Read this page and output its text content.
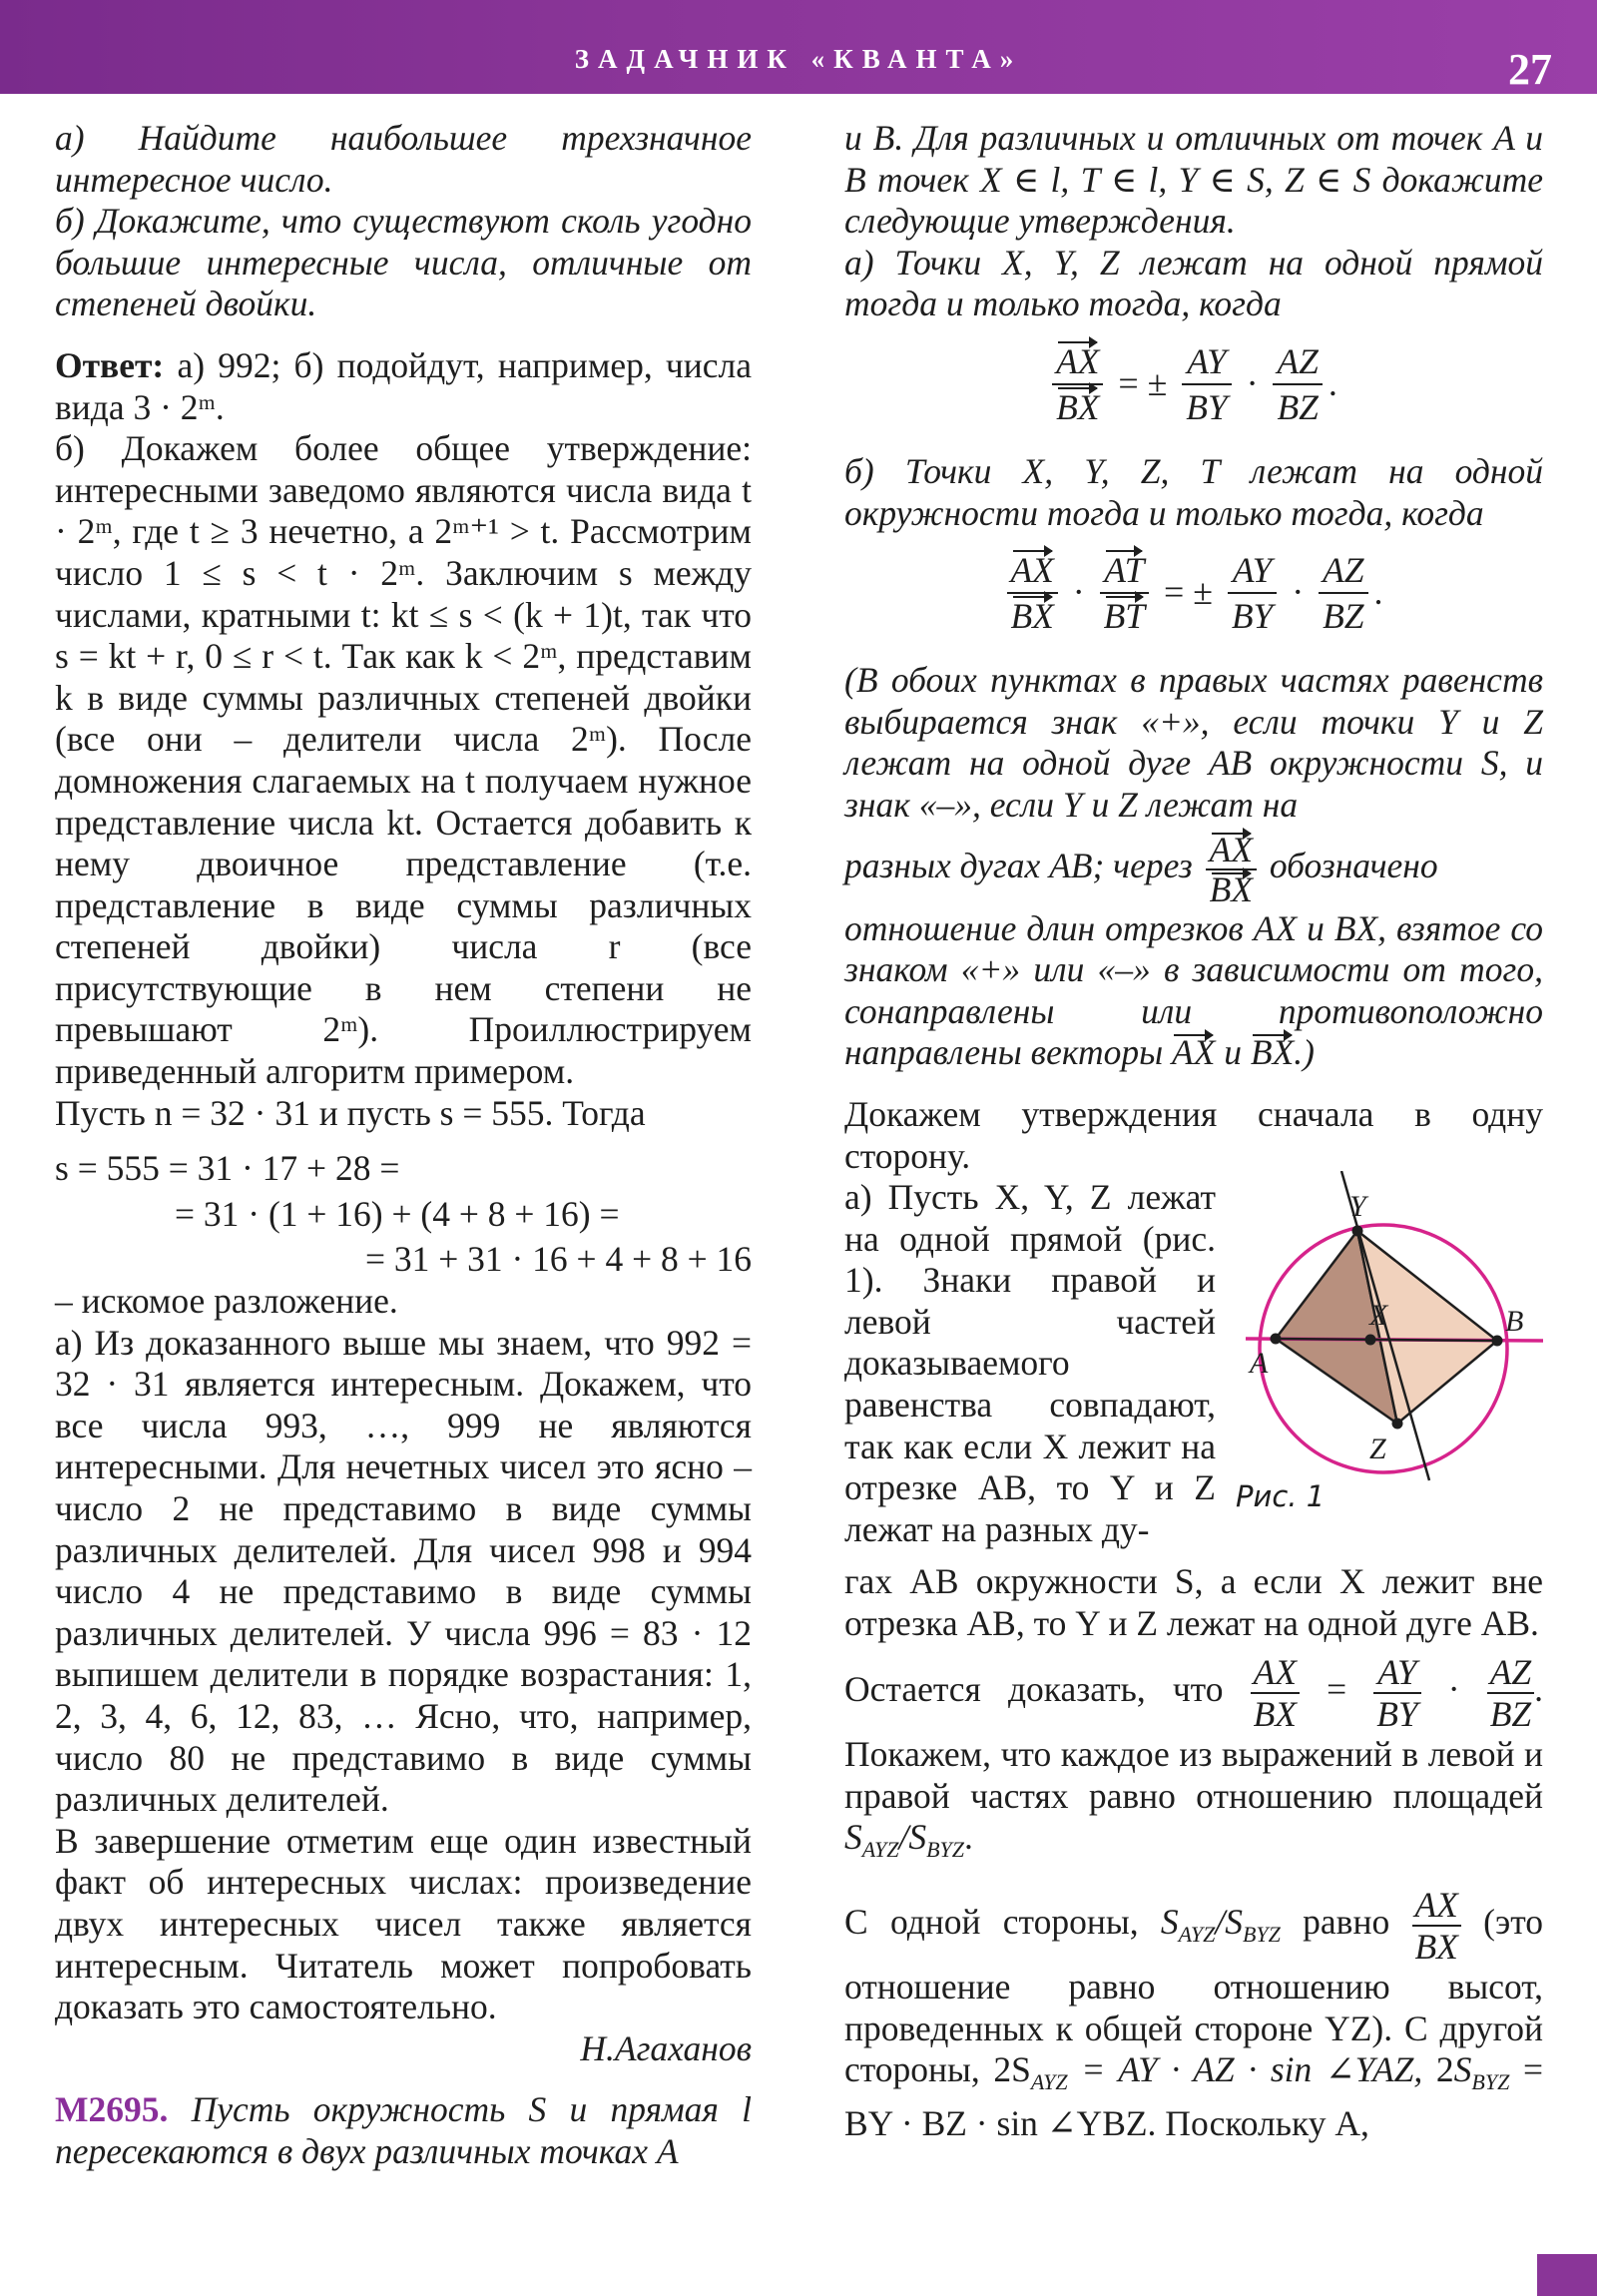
ЗАДАЧНИК «КВАНТА»	27

а) Найдите наибольшее трехзначное интересное число.

б) Докажите, что существуют сколь угодно большие интересные числа, отличные от степеней двойки.

Ответ: а) 992; б) подойдут, например, числа вида 3 · 2ᵐ.

б) Докажем более общее утверждение: интересными заведомо являются числа вида t · 2ᵐ, где t ≥ 3 нечетно, а 2ᵐ⁺¹ > t. Рассмотрим число 1 ≤ s < t · 2ᵐ. Заключим s между числами, кратными t: kt ≤ s < (k + 1)t, так что s = kt + r, 0 ≤ r < t. Так как k < 2ᵐ, представим k в виде суммы различных степеней двойки (все они – делители числа 2ᵐ). После домножения слагаемых на t получаем нужное представление числа kt. Остается добавить к нему двоичное представление (т.е. представление в виде суммы различных степеней двойки) числа r (все присутствующие в нем степени не превышают 2ᵐ). Проиллюстрируем приведенный алгоритм примером.

Пусть n = 32 · 31 и пусть s = 555. Тогда

s = 555 = 31 · 17 + 28 =

= 31 · (1 + 16) + (4 + 8 + 16) =

= 31 + 31 · 16 + 4 + 8 + 16

– искомое разложение.

а) Из доказанного выше мы знаем, что 992 = 32 · 31 является интересным. Докажем, что все числа 993, …, 999 не являются интересными. Для нечетных чисел это ясно – число 2 не представимо в виде суммы различных делителей. Для чисел 998 и 994 число 4 не представимо в виде суммы различных делителей. У числа 996 = 83 · 12 выпишем делители в порядке возрастания: 1, 2, 3, 4, 6, 12, 83, … Ясно, что, например, число 80 не представимо в виде суммы различных делителей.

В завершение отметим еще один известный факт об интересных числах: произведение двух интересных чисел также является интересным. Читатель может попробовать доказать это самостоятельно.

Н.Агаханов

М2695. Пусть окружность S и прямая l пересекаются в двух различных точках A

и B. Для различных и отличных от точек A и B точек X ∈ l, T ∈ l, Y ∈ S, Z ∈ S докажите следующие утверждения.

а) Точки X, Y, Z лежат на одной прямой тогда и только тогда, когда

$\frac{AX}{BX}$ = ± $\frac{AY}{BY} \cdot \frac{AZ}{BZ}$ .

б) Точки X, Y, Z, T лежат на одной окружности тогда и только тогда, когда

$\frac{AX}{BX} \cdot \frac{AT}{BT}$ = ± $\frac{AY}{BY} \cdot \frac{AZ}{BZ}$ .

(В обоих пунктах в правых частях равенств выбирается знак «+», если точки Y и Z лежат на одной дуге AB окружности S, и знак «–», если Y и Z лежат на

разных дугах AB; через $\frac{AX}{BX}$ обозначено

отношение длин отрезков AX и BX, взятое со знаком «+» или «–» в зависимости от того, сонаправлены или противоположно направлены векторы AX и BX.)

Докажем утверждения сначала в одну сторону.

а) Пусть X, Y, Z лежат на одной прямой (рис. 1). Знаки правой и левой частей доказываемого равенства совпадают, так как если X лежит на отрезке AB, то Y и Z лежат на разных ду-

Y
X	B
A
Z
Рис. 1

гах AB окружности S, а если X лежит вне отрезка AB, то Y и Z лежат на одной дуге AB.

Остается доказать, что $\frac{AX}{BX} = \frac{AY}{BY} \cdot \frac{AZ}{BZ}$ . Покажем, что каждое из выражений в левой и правой частях равно отношению площадей $S_{AYZ}/S_{BYZ}$.

С одной стороны, $S_{AYZ}/S_{BYZ}$ равно $\frac{AX}{BX} (это$ отношение равно отношению высот, проведенных к общей стороне YZ). С другой стороны, $2S_{AYZ}$ = AY · AZ · sin ∠YAZ, $2S_{BYZ}$ = BY · BZ · sin ∠YBZ. Поскольку A,
